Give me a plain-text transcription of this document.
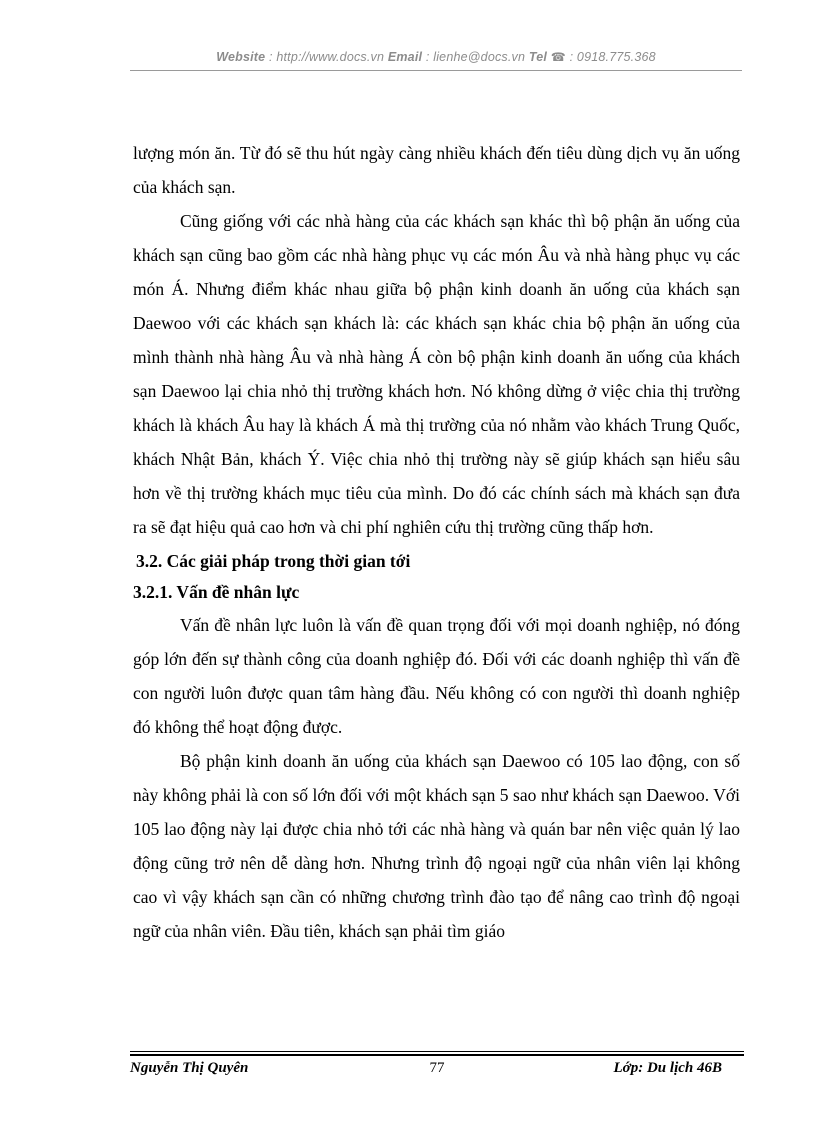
Website : http://www.docs.vn Email : lienhe@docs.vn Tel ☎ : 0918.775.368

lượng món ăn. Từ đó sẽ thu hút ngày càng nhiều khách đến tiêu dùng dịch vụ ăn uống của khách sạn.

Cũng giống với các nhà hàng của các khách sạn khác thì bộ phận ăn uống của khách sạn cũng bao gồm các nhà hàng phục vụ các món Âu và nhà hàng phục vụ các món Á. Nhưng điểm khác nhau giữa bộ phận kinh doanh ăn uống của khách sạn Daewoo với các khách sạn khách là: các khách sạn khác chia bộ phận ăn uống của mình thành nhà hàng Âu và nhà hàng Á còn bộ phận kinh doanh ăn uống của khách sạn Daewoo lại chia nhỏ thị trường khách hơn. Nó không dừng ở việc chia thị trường khách là khách Âu hay là khách Á mà thị trường của nó nhằm vào khách Trung Quốc, khách Nhật Bản, khách Ý. Việc chia nhỏ thị trường này sẽ giúp khách sạn hiểu sâu hơn về thị trường khách mục tiêu của mình. Do đó các chính sách mà khách sạn đưa ra sẽ đạt hiệu quả cao hơn và chi phí nghiên cứu thị trường cũng thấp hơn.

3.2. Các giải pháp trong thời gian tới

3.2.1. Vấn đề nhân lực

Vấn đề nhân lực luôn là vấn đề quan trọng đối với mọi doanh nghiệp, nó đóng góp lớn đến sự thành công của doanh nghiệp đó. Đối với các doanh nghiệp thì vấn đề con người luôn được quan tâm hàng đầu. Nếu không có con người thì doanh nghiệp đó không thể hoạt động được.

Bộ phận kinh doanh ăn uống của khách sạn Daewoo có 105 lao động, con số này không phải là con số lớn đối với một khách sạn 5 sao như khách sạn Daewoo. Với 105 lao động này lại được chia nhỏ tới các nhà hàng và quán bar nên việc quản lý lao động cũng trở nên dễ dàng hơn. Nhưng trình độ ngoại ngữ của nhân viên lại không cao vì vậy khách sạn cần có những chương trình đào tạo để nâng cao trình độ ngoại ngữ của nhân viên. Đầu tiên, khách sạn phải tìm giáo

Nguyễn Thị Quyên	77	Lớp: Du lịch 46B
